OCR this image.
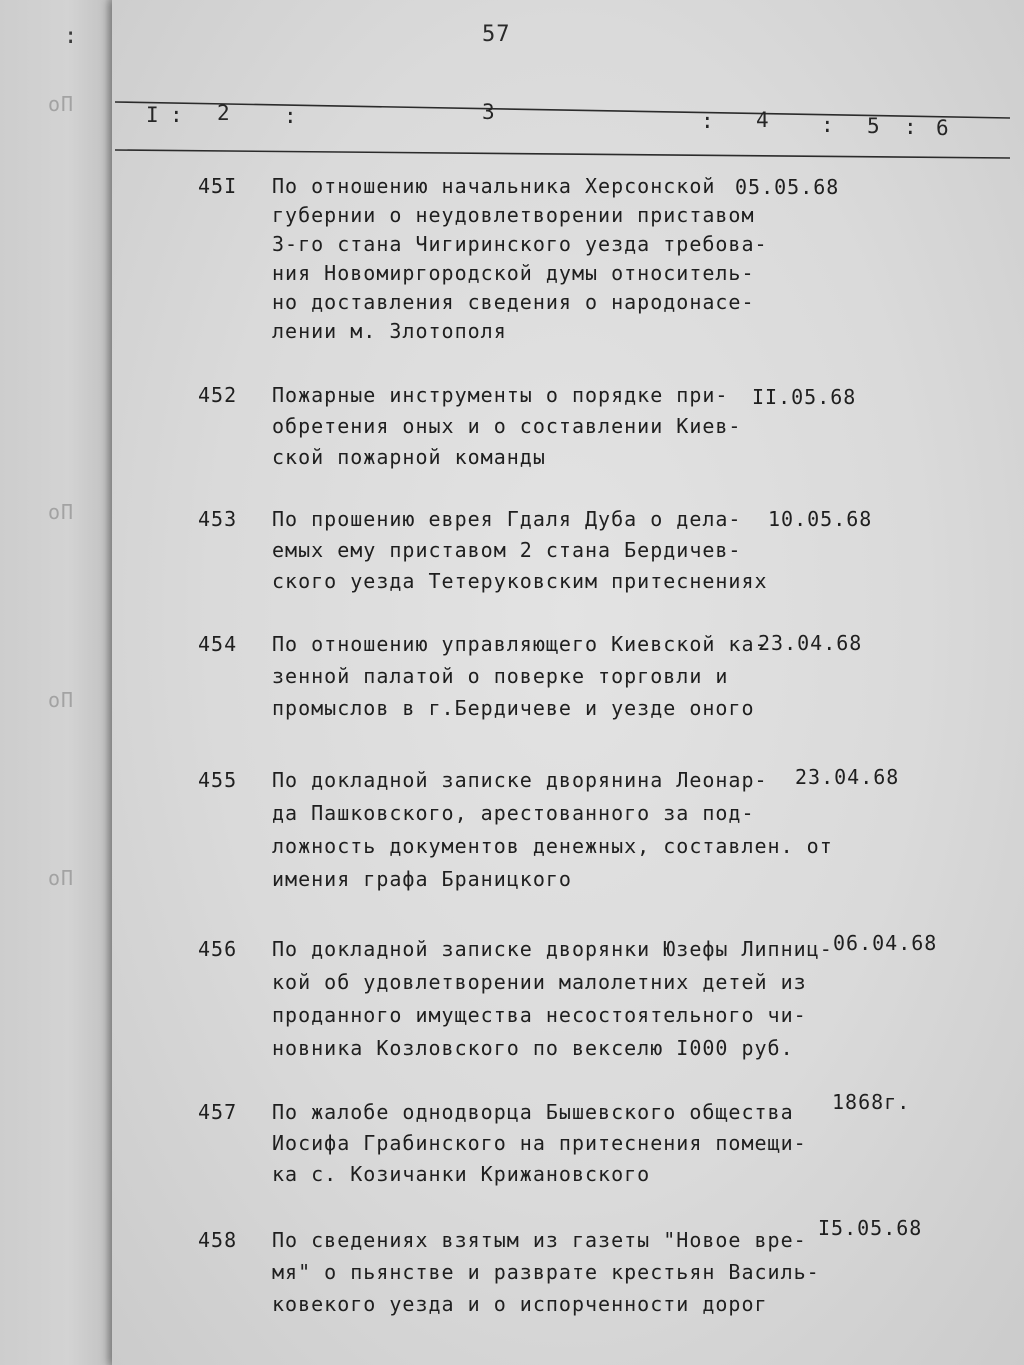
оП
оП
оП
оП
:	57
I : 2	:	3	: 4 : 5 : 6
45I По отношению начальника Херсонской
губернии о неудовлетворении приставом
3-го стана Чигиринского уезда требова-
ния Новомиргородской думы относитель-
но доставления сведения о народонасе-
лении м. Злотополя
05.05.68
452 Пожарные инструменты о порядке при-
обретения оных и о составлении Киев-
ской пожарной команды
II.05.68
453 По прошению еврея Гдаля Дуба о дела-
емых ему приставом 2 стана Бердичев-
ского уезда Тетеруковским притеснениях
10.05.68
454 По отношению управляющего Киевской ка-
зенной палатой о поверке торговли и
промыслов в г.Бердичеве и уезде оного
23.04.68
455 По докладной записке дворянина Леонар-
да Пашковского, арестованного за под-
ложность документов денежных, составлен. от
имения графа Браницкого
23.04.68
456 По докладной записке дворянки Юзефы Липниц-
кой об удовлетворении малолетних детей из
проданного имущества несостоятельного чи-
новника Козловского по векселю I000 руб.
06.04.68
457 По жалобе однодворца Бышевского общества
Иосифа Грабинского на притеснения помещи-
ка с. Козичанки Крижановского
1868г.
458 По сведениях взятым из газеты "Новое вре-
мя" о пьянстве и разврате крестьян Василь-
ковекого уезда и о испорченности дорог
I5.05.68
